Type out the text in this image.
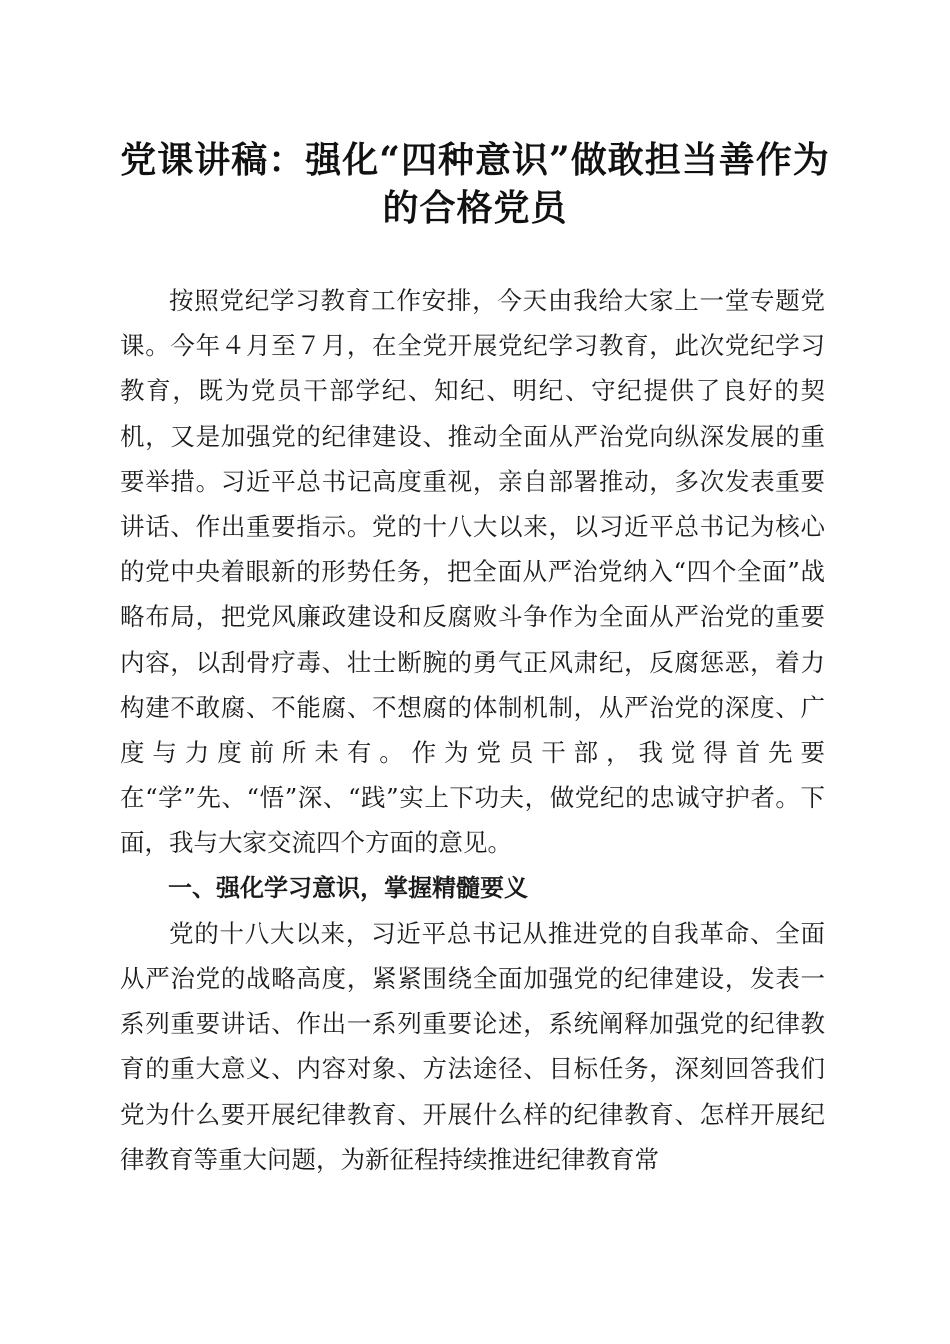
党课讲稿：强化“四种意识”做敢担当善作为
的合格党员

按照党纪学习教育工作安排，今天由我给大家上一堂专题党课。今年４月至７月，在全党开展党纪学习教育，此次党纪学习教育，既为党员干部学纪、知纪、明纪、守纪提供了良好的契机，又是加强党的纪律建设、推动全面从严治党向纵深发展的重要举措。习近平总书记高度重视，亲自部署推动，多次发表重要讲话、作出重要指示。党的十八大以来，以习近平总书记为核心的党中央着眼新的形势任务，把全面从严治党纳入“四个全面”战略布局，把党风廉政建设和反腐败斗争作为全面从严治党的重要内容，以刮骨疗毒、壮士断腕的勇气正风肃纪，反腐惩恶，着力构建不敢腐、不能腐、不想腐的体制机制，从严治党的深度、广度与力度前所未有。作为党员干部，我觉得首先要在“学”先、“悟”深、“践”实上下功夫，做党纪的忠诚守护者。下面，我与大家交流四个方面的意见。

一、强化学习意识，掌握精髓要义

党的十八大以来，习近平总书记从推进党的自我革命、全面从严治党的战略高度，紧紧围绕全面加强党的纪律建设，发表一系列重要讲话、作出一系列重要论述，系统阐释加强党的纪律教育的重大意义、内容对象、方法途径、目标任务，深刻回答我们党为什么要开展纪律教育、开展什么样的纪律教育、怎样开展纪律教育等重大问题，为新征程持续推进纪律教育常
